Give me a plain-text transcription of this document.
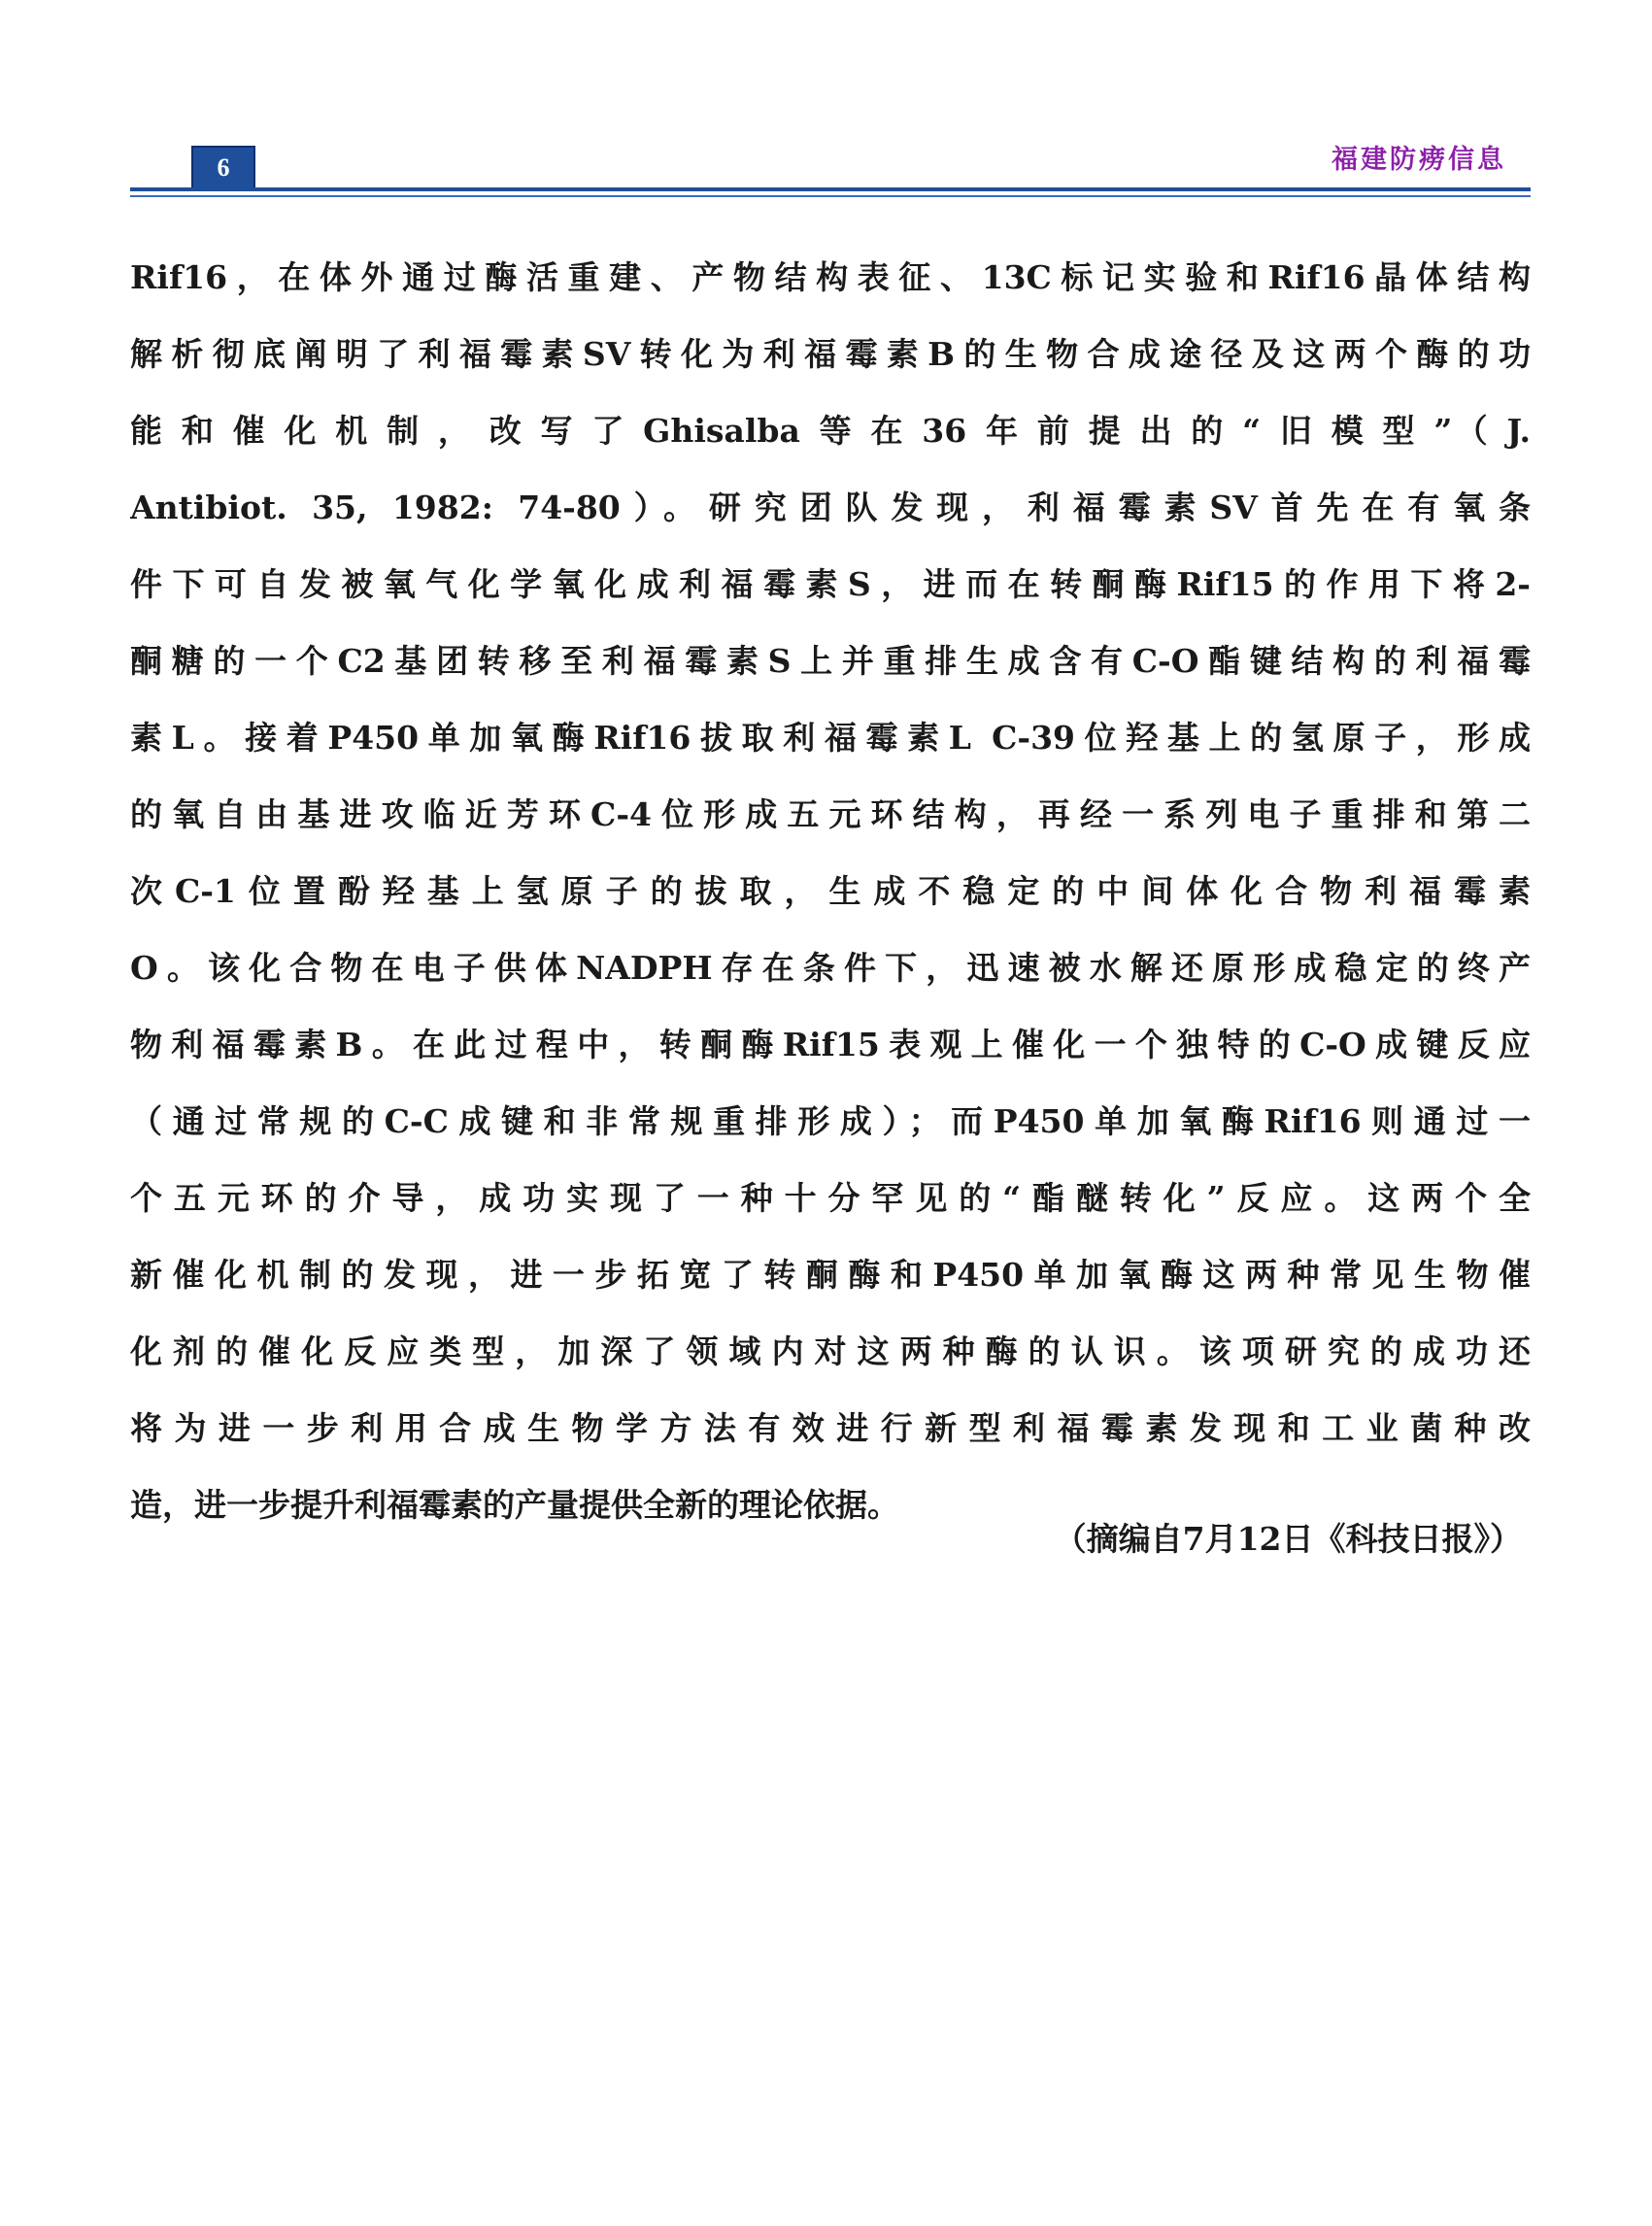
6	福建防痨信息
Rif16，在体外通过酶活重建、产物结构表征、13C标记实验和Rif16晶体结构
解析彻底阐明了利福霉素SV转化为利福霉素B的生物合成途径及这两个酶的功
能和催化机制，改写了Ghisalba等在36年前提出的“旧模型”（J.
Antibiot. 35, 1982: 74-80）。研究团队发现，利福霉素SV首先在有氧条
件下可自发被氧气化学氧化成利福霉素S，进而在转酮酶Rif15的作用下将2-
酮糖的一个C2基团转移至利福霉素S上并重排生成含有C-O酯键结构的利福霉
素L。接着P450单加氧酶Rif16拔取利福霉素L C-39位羟基上的氢原子，形成
的氧自由基进攻临近芳环C-4位形成五元环结构，再经一系列电子重排和第二
次C-1位置酚羟基上氢原子的拔取，生成不稳定的中间体化合物利福霉素
O。该化合物在电子供体NADPH存在条件下，迅速被水解还原形成稳定的终产
物利福霉素B。在此过程中，转酮酶Rif15表观上催化一个独特的C-O成键反应
（通过常规的C-C成键和非常规重排形成）；而P450单加氧酶Rif16则通过一
个五元环的介导，成功实现了一种十分罕见的“酯醚转化”反应。这两个全
新催化机制的发现，进一步拓宽了转酮酶和P450单加氧酶这两种常见生物催
化剂的催化反应类型，加深了领域内对这两种酶的认识。该项研究的成功还
将为进一步利用合成生物学方法有效进行新型利福霉素发现和工业菌种改
造，进一步提升利福霉素的产量提供全新的理论依据。
（摘编自7月12日《科技日报》）
